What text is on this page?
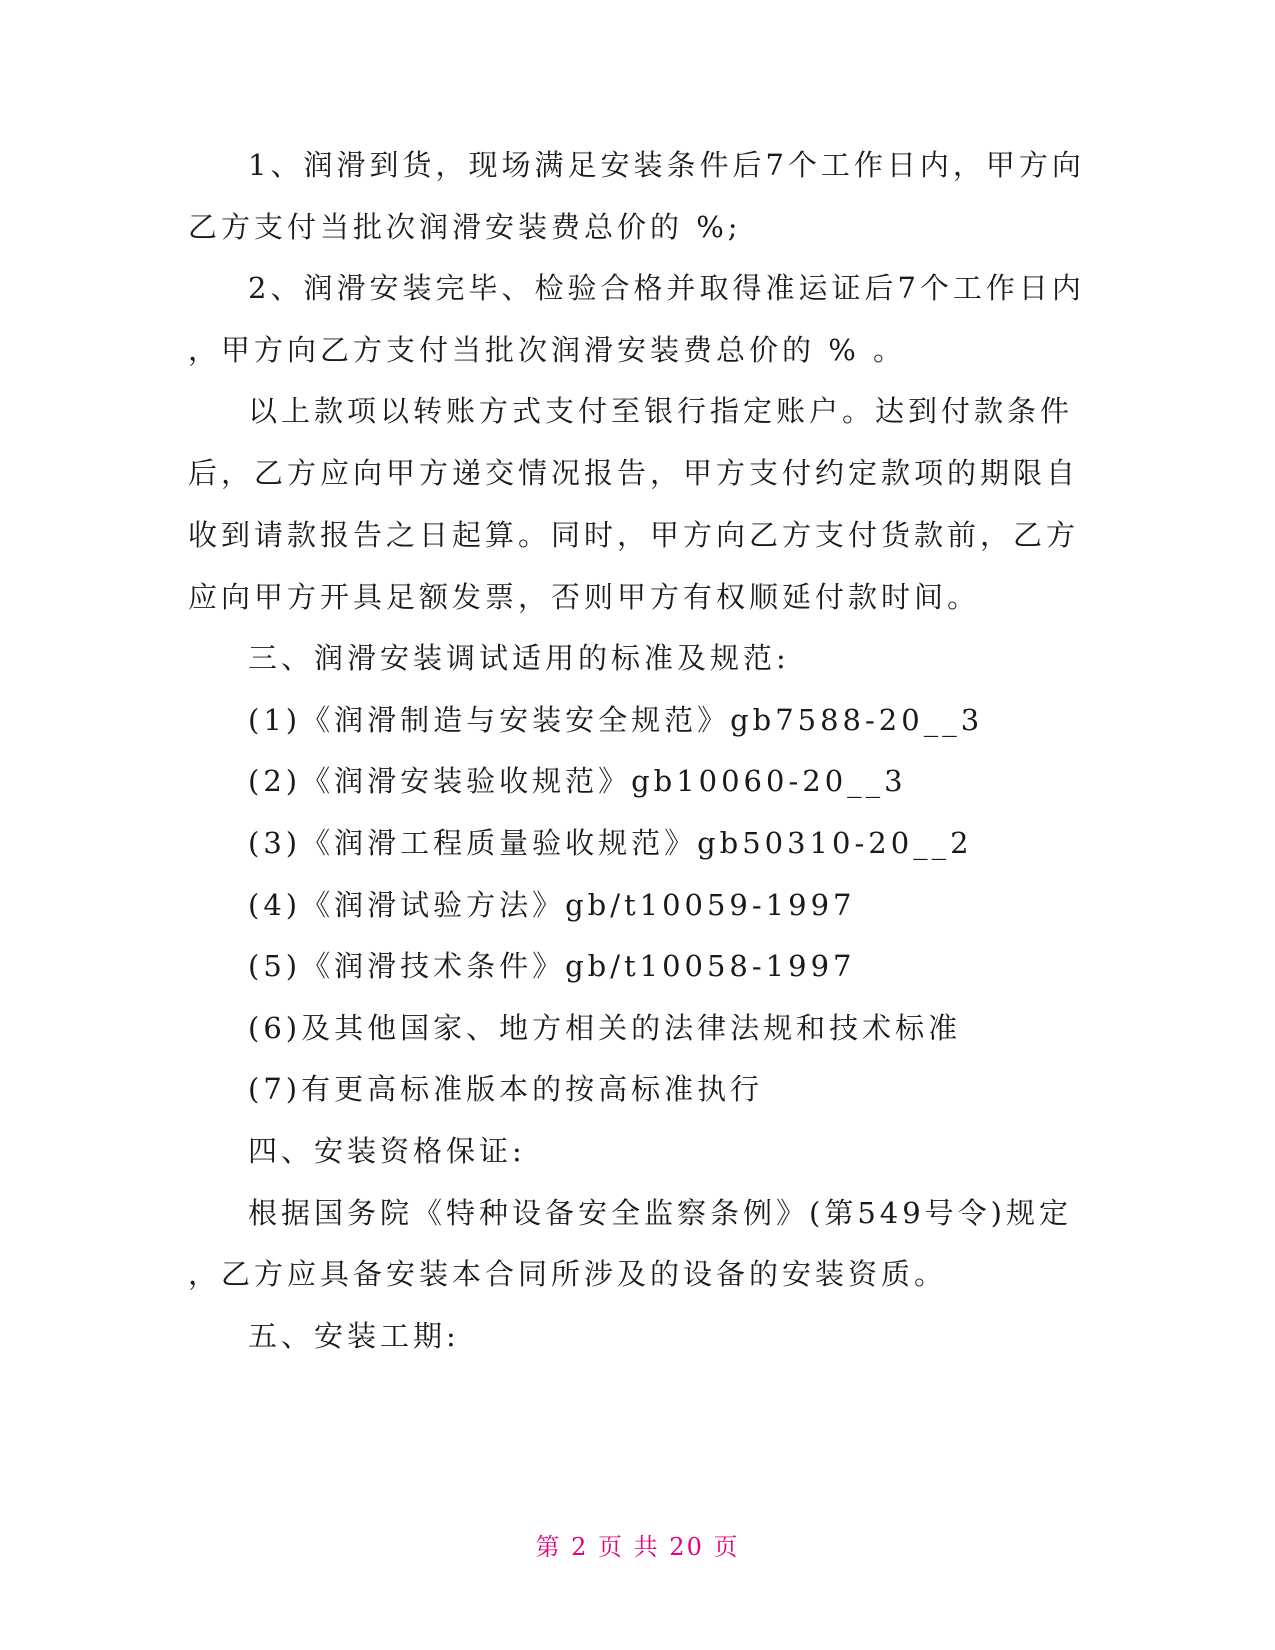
1、润滑到货，现场满足安装条件后7个工作日内，甲方向
乙方支付当批次润滑安装费总价的 %;
2、润滑安装完毕、检验合格并取得准运证后7个工作日内
，甲方向乙方支付当批次润滑安装费总价的 % 。
以上款项以转账方式支付至银行指定账户。达到付款条件
后，乙方应向甲方递交情况报告，甲方支付约定款项的期限自
收到请款报告之日起算。同时，甲方向乙方支付货款前，乙方
应向甲方开具足额发票，否则甲方有权顺延付款时间。
三、润滑安装调试适用的标准及规范:
(1)《润滑制造与安装安全规范》gb7588-20__3
(2)《润滑安装验收规范》gb10060-20__3
(3)《润滑工程质量验收规范》gb50310-20__2
(4)《润滑试验方法》gb/t10059-1997
(5)《润滑技术条件》gb/t10058-1997
(6)及其他国家、地方相关的法律法规和技术标准
(7)有更高标准版本的按高标准执行
四、安装资格保证:
根据国务院《特种设备安全监察条例》(第549号令)规定
，乙方应具备安装本合同所涉及的设备的安装资质。
五、安装工期:
第 2 页 共 20 页
